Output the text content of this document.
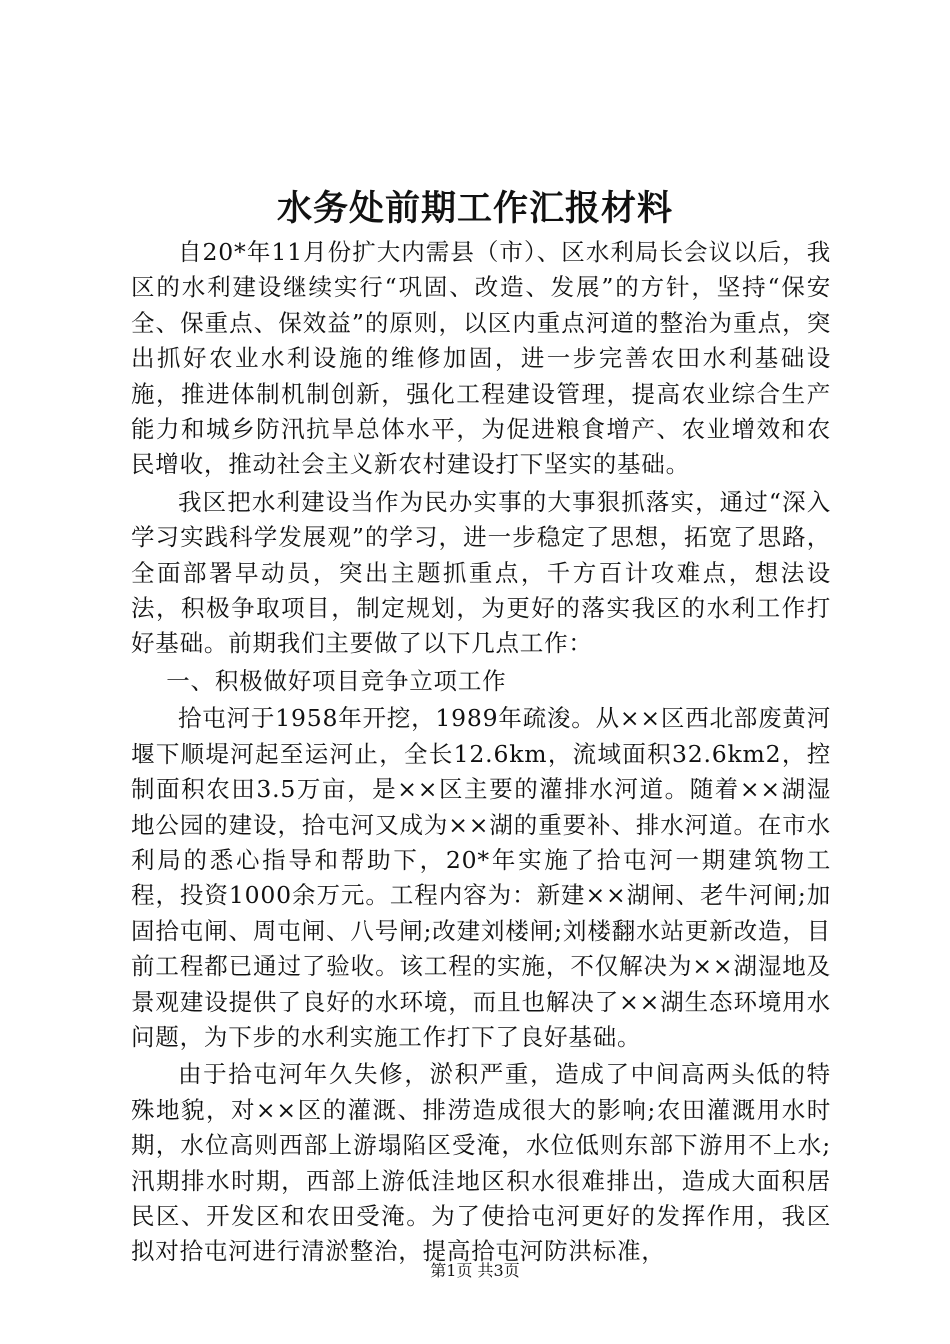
水务处前期工作汇报材料

自20*年11月份扩大内需县（市）、区水利局长会议以后，我区的水利建设继续实行“巩固、改造、发展”的方针，坚持“保安全、保重点、保效益”的原则，以区内重点河道的整治为重点，突出抓好农业水利设施的维修加固，进一步完善农田水利基础设施，推进体制机制创新，强化工程建设管理，提高农业综合生产能力和城乡防汛抗旱总体水平，为促进粮食增产、农业增效和农民增收，推动社会主义新农村建设打下坚实的基础。

我区把水利建设当作为民办实事的大事狠抓落实，通过“深入学习实践科学发展观”的学习，进一步稳定了思想，拓宽了思路，全面部署早动员，突出主题抓重点，千方百计攻难点，想法设法，积极争取项目，制定规划，为更好的落实我区的水利工作打好基础。前期我们主要做了以下几点工作：

一、积极做好项目竞争立项工作

拾屯河于1958年开挖，1989年疏浚。从××区西北部废黄河堰下顺堤河起至运河止，全长12.6km，流域面积32.6km2，控制面积农田3.5万亩，是××区主要的灌排水河道。随着××湖湿地公园的建设，拾屯河又成为××湖的重要补、排水河道。在市水利局的悉心指导和帮助下，20*年实施了拾屯河一期建筑物工程，投资1000余万元。工程内容为：新建××湖闸、老牛河闸;加固拾屯闸、周屯闸、八号闸;改建刘楼闸;刘楼翻水站更新改造，目前工程都已通过了验收。该工程的实施，不仅解决为××湖湿地及景观建设提供了良好的水环境，而且也解决了××湖生态环境用水问题，为下步的水利实施工作打下了良好基础。

由于拾屯河年久失修，淤积严重，造成了中间高两头低的特殊地貌，对××区的灌溉、排涝造成很大的影响;农田灌溉用水时期，水位高则西部上游塌陷区受淹，水位低则东部下游用不上水;汛期排水时期，西部上游低洼地区积水很难排出，造成大面积居民区、开发区和农田受淹。为了使拾屯河更好的发挥作用，我区拟对拾屯河进行清淤整治，提高拾屯河防洪标准，

第1页 共3页
